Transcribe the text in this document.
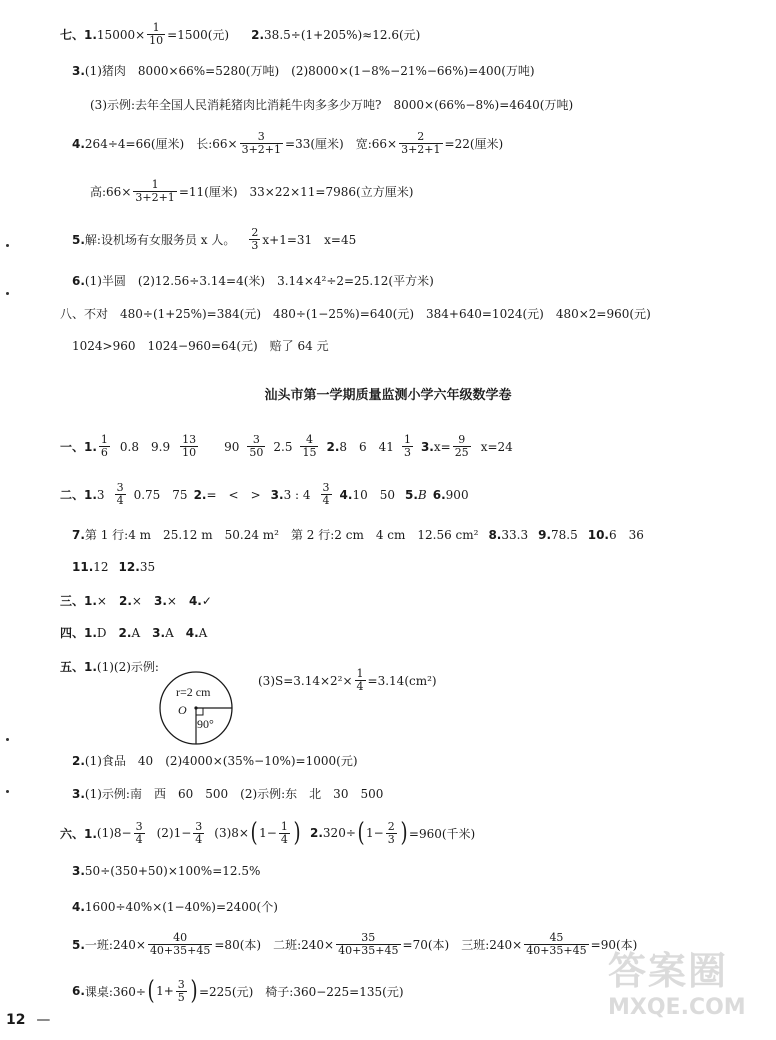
七、1. $15000\times \frac{1}{10} =1500$(元) 2. 38.5÷(1+205%)≈12.6(元)
3. (1)猪肉　8000×66%=5280(万吨)　(2)8000×(1−8%−21%−66%)=400(万吨)
(3)示例:去年全国人民消耗猪肉比消耗牛肉多多少万吨?　8000×(66%−8%)=4640(万吨)
4. 264÷4=66(厘米)　长:66× $\frac{3}{3+2+1} =33$(厘米)　宽:66× $\frac{2}{3+2+1} =22$(厘米)
高:66× $\frac{1}{3+2+1} =11$(厘米)　33×22×11=7986(立方厘米)
5. 解:设机场有女服务员 x 人。 $\frac{2}{3} x+1=31$　x=45
6. (1)半圆　(2)12.56÷3.14=4(米)　3.14×4²÷2=25.12(平方米)
八、不对　480÷(1+25%)=384(元)　480÷(1−25%)=640(元)　384+640=1024(元)　480×2=960(元)
1024>960　1024−960=64(元)　赔了 64 元
汕头市第一学期质量监测小学六年级数学卷
一、1. $\frac{1}{6} 0.8$　$9.9 \frac{13}{10} 90 \frac{3}{50} 2.5 \frac{4}{15} 2$. 8　6　$41 \frac{1}{3} 3$. $x= \frac{9}{25} x=24$
二、1. $3 \frac{3}{4} 0.75$　75 2. =　<　> 3. 3 : $4 \frac{3}{4} 4$. 10　50 5. B 6. 900
7. 第 1 行:4 m　25.12 m　50.24 m²　第 2 行:2 cm　4 cm　12.56 cm² 8. 33.3 9. 78.5 10. 6　36
11. 12 12. 35
三、1. × 2. × 3. × 4. ✓
四、1. D 2. A 3. A 4. A
五、1. (1)(2)示例:
r=2 cm
O
90°
$(3)S=3.14\times 2^2\times \frac{1}{4} =3.14(cm^2)$
2. (1)食品　40　(2)4000×(35%−10%)=1000(元)
3. (1)示例:南　西　60　500　(2)示例:东　北　30　500
六、1. $(1)8- \frac{3}{4} (2)1- \frac{3}{4} (3)8\times$ ( $1- \frac{1}{4}$ ) 2. 320÷ ( $1- \frac{2}{3}$ ) =960(千米)
3. 50÷(350+50)×100%=12.5%
4. 1600÷40%×(1−40%)=2400(个)
5. 一班:240× $\frac{40}{40+35+45} =80$(本)　二班:240× $\frac{35}{40+35+45} =70$(本)　三班:240× $\frac{45}{40+35+45} =90$(本)
6. 课桌:360÷ ( $1+ \frac{3}{5}$ ) =225(元)　椅子:360−225=135(元)
12 —
答案圈
MXQE.COM
